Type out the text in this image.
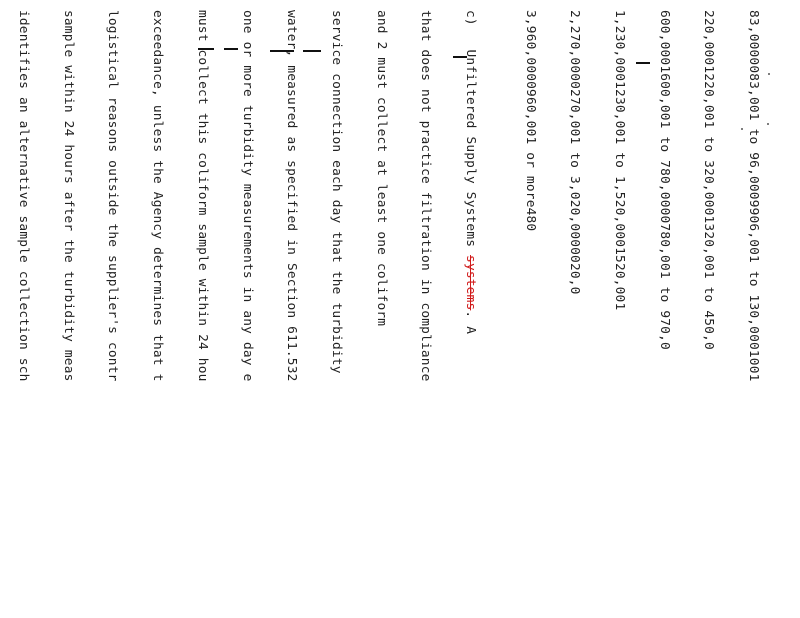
83,0000083,001 to 96,0009906,001 to 130,0001001

220,0001220,001 to 320,0001320,001 to 450,0

600,0001600,001 to 780,0000780,001 to 970,0

1,230,0001230,001 to 1,520,0001520,001

2,270,0000270,001 to 3,020,0000020,0

3,960,0000960,001 or more480

c)   Unfiltered Supply Systems systems. A

that does not practice filtration in compliance

and 2 must collect at least one coliform

service connection each day that the turbidity

water, measured as specified in Section 611.532

one or more turbidity measurements in any day e

must collect this coliform sample within 24 hou

exceedance, unless the Agency determines that t

logistical reasons outside the supplier's contr

sample within 24 hours after the turbidity meas

identifies an alternative sample collection sch
